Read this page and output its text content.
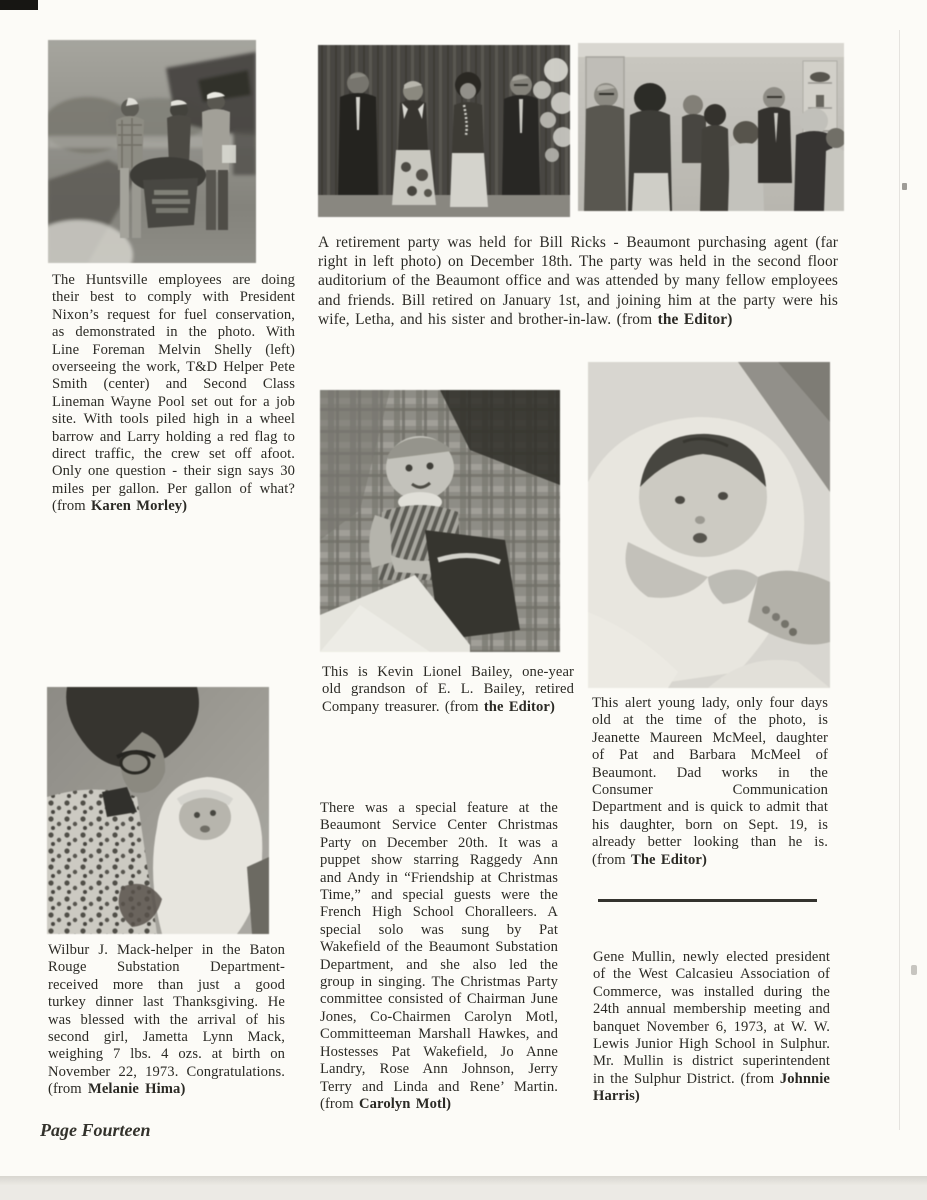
A retirement party was held for Bill Ricks - Beaumont purchasing agent (far right in left photo) on December 18th. The party was held in the second floor auditorium of the Beaumont office and was attended by many fellow employees and friends. Bill retired on January 1st, and joining him at the party were his wife, Letha, and his sister and brother-in-law. (from the Editor)

The Huntsville employees are doing their best to comply with President Nixon’s request for fuel conservation, as demonstrated in the photo. With Line Foreman Melvin Shelly (left) overseeing the work, T&D Helper Pete Smith (center) and Second Class Lineman Wayne Pool set out for a job site. With tools piled high in a wheel barrow and Larry holding a red flag to direct traffic, the crew set off afoot. Only one question - their sign says 30 miles per gallon. Per gallon of what? (from Karen Morley)

This is Kevin Lionel Bailey, one-year old grandson of E. L. Bailey, retired Company treasurer. (from the Editor)	This alert young lady, only four days old at the time of the photo, is Jeanette Maureen McMeel, daughter of Pat and Barbara McMeel of Beaumont. Dad works in the Consumer Communication Department and is quick to admit that his daughter, born on Sept. 19, is already better looking than he is. (from The Editor)

Wilbur J. Mack-helper in the Baton Rouge Substation Department-received more than just a good turkey dinner last Thanksgiving. He was blessed with the arrival of his second girl, Jametta Lynn Mack, weighing 7 lbs. 4 ozs. at birth on November 22, 1973. Congratulations. (from Melanie Hima)

There was a special feature at the Beaumont Service Center Christmas Party on December 20th. It was a puppet show starring Raggedy Ann and Andy in “Friendship at Christmas Time,” and special guests were the French High School Choralleers. A special solo was sung by Pat Wakefield of the Beaumont Substation Department, and she also led the group in singing. The Christmas Party committee consisted of Chairman June Jones, Co-Chairmen Carolyn Motl, Committeeman Marshall Hawkes, and Hostesses Pat Wakefield, Jo Anne Landry, Rose Ann Johnson, Jerry Terry and Linda and Rene’ Martin. (from Carolyn Motl)

Gene Mullin, newly elected president of the West Calcasieu Association of Commerce, was installed during the 24th annual membership meeting and banquet November 6, 1973, at W. W. Lewis Junior High School in Sulphur. Mr. Mullin is district superintendent in the Sulphur District. (from Johnnie Harris)

Page Fourteen
